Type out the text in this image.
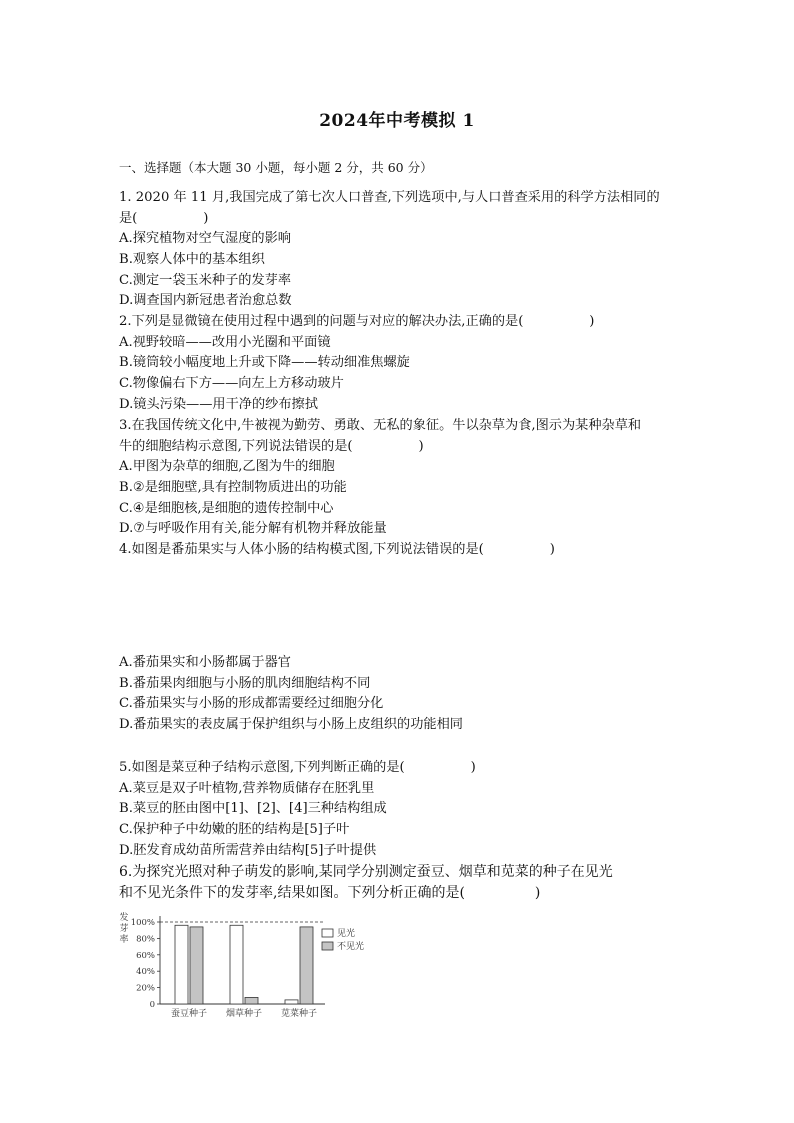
2024年中考模拟 1
一、选择题（本大题 30 小题，每小题 2 分，共 60 分）
1. 2020 年 11 月,我国完成了第七次人口普查,下列选项中,与人口普查采用的科学方法相同的
是(　　　　　)
A.探究植物对空气湿度的影响
B.观察人体中的基本组织
C.测定一袋玉米种子的发芽率
D.调查国内新冠患者治愈总数
2.下列是显微镜在使用过程中遇到的问题与对应的解决办法,正确的是(　　　　　)
A.视野较暗——改用小光圈和平面镜
B.镜筒较小幅度地上升或下降——转动细准焦螺旋
C.物像偏右下方——向左上方移动玻片
D.镜头污染——用干净的纱布擦拭
3.在我国传统文化中,牛被视为勤劳、勇敢、无私的象征。牛以杂草为食,图示为某种杂草和
牛的细胞结构示意图,下列说法错误的是(　　　　　)
A.甲图为杂草的细胞,乙图为牛的细胞
B.②是细胞壁,具有控制物质进出的功能
C.④是细胞核,是细胞的遗传控制中心
D.⑦与呼吸作用有关,能分解有机物并释放能量
4.如图是番茄果实与人体小肠的结构模式图,下列说法错误的是(　　　　　)
A.番茄果实和小肠都属于器官
B.番茄果肉细胞与小肠的肌肉细胞结构不同
C.番茄果实与小肠的形成都需要经过细胞分化
D.番茄果实的表皮属于保护组织与小肠上皮组织的功能相同
5.如图是菜豆种子结构示意图,下列判断正确的是(　　　　　)
A.菜豆是双子叶植物,营养物质储存在胚乳里
B.菜豆的胚由图中[1]、[2]、[4]三种结构组成
C.保护种子中幼嫩的胚的结构是[5]子叶
D.胚发育成幼苗所需营养由结构[5]子叶提供
6.为探究光照对种子萌发的影响,某同学分别测定蚕豆、烟草和苋菜的种子在见光
和不见光条件下的发芽率,结果如图。下列分析正确的是(　　　　　)
发
芽
率
0
20%
40%
60%
80%
100%
蚕豆种子 烟草种子 苋菜种子
见光
不见光
